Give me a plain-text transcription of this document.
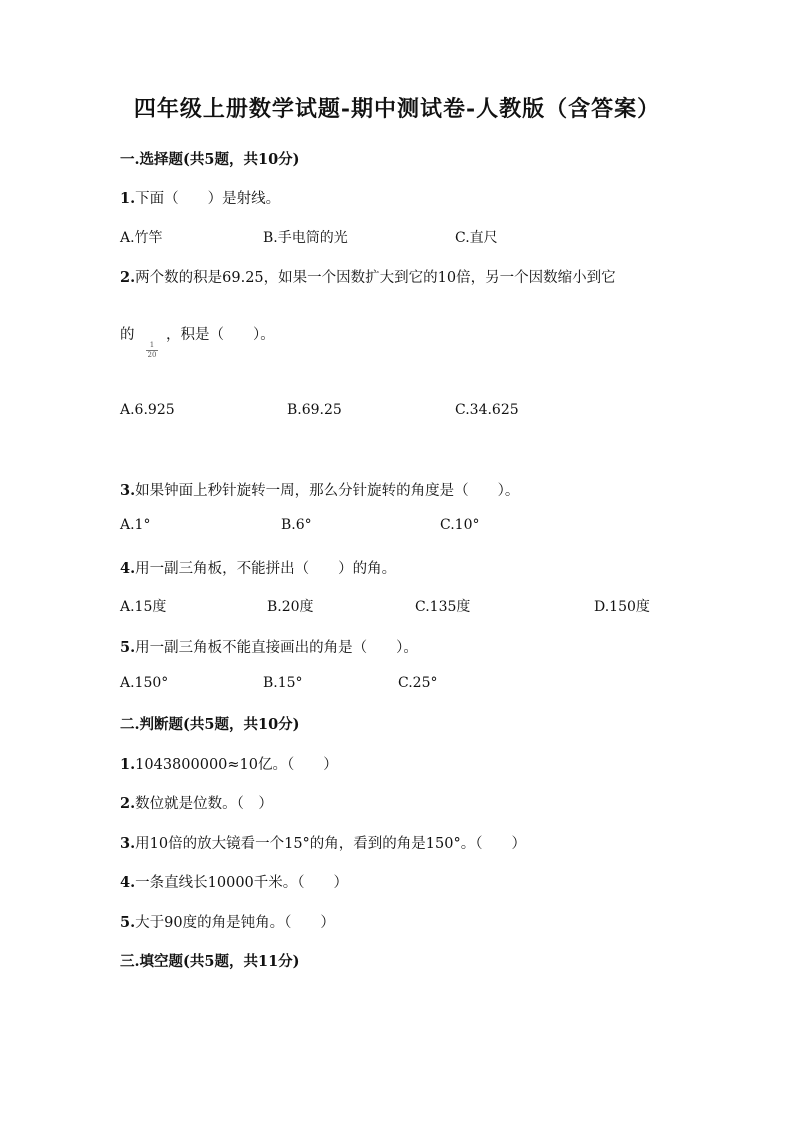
四年级上册数学试题-期中测试卷-人教版（含答案）
一.选择题(共5题，共10分)
1.下面（　　）是射线。
A.竹竿	B.手电筒的光	C.直尺
2.两个数的积是69.25，如果一个因数扩大到它的10倍，另一个因数缩小到它
的
1
20
，积是（　　）。
A.6.925	B.69.25	C.34.625
3.如果钟面上秒针旋转一周，那么分针旋转的角度是（　　）。
A.1°	B.6°	C.10°
4.用一副三角板，不能拼出（　　）的角。
A.15度	B.20度	C.135度	D.150度
5.用一副三角板不能直接画出的角是（　　）。
A.150°	B.15°	C.25°
二.判断题(共5题，共10分)
1.1043800000≈10亿。（　　）
2.数位就是位数。（　）
3.用10倍的放大镜看一个15°的角，看到的角是150°。（　　）
4.一条直线长10000千米。（　　）
5.大于90度的角是钝角。（　　）
三.填空题(共5题，共11分)
